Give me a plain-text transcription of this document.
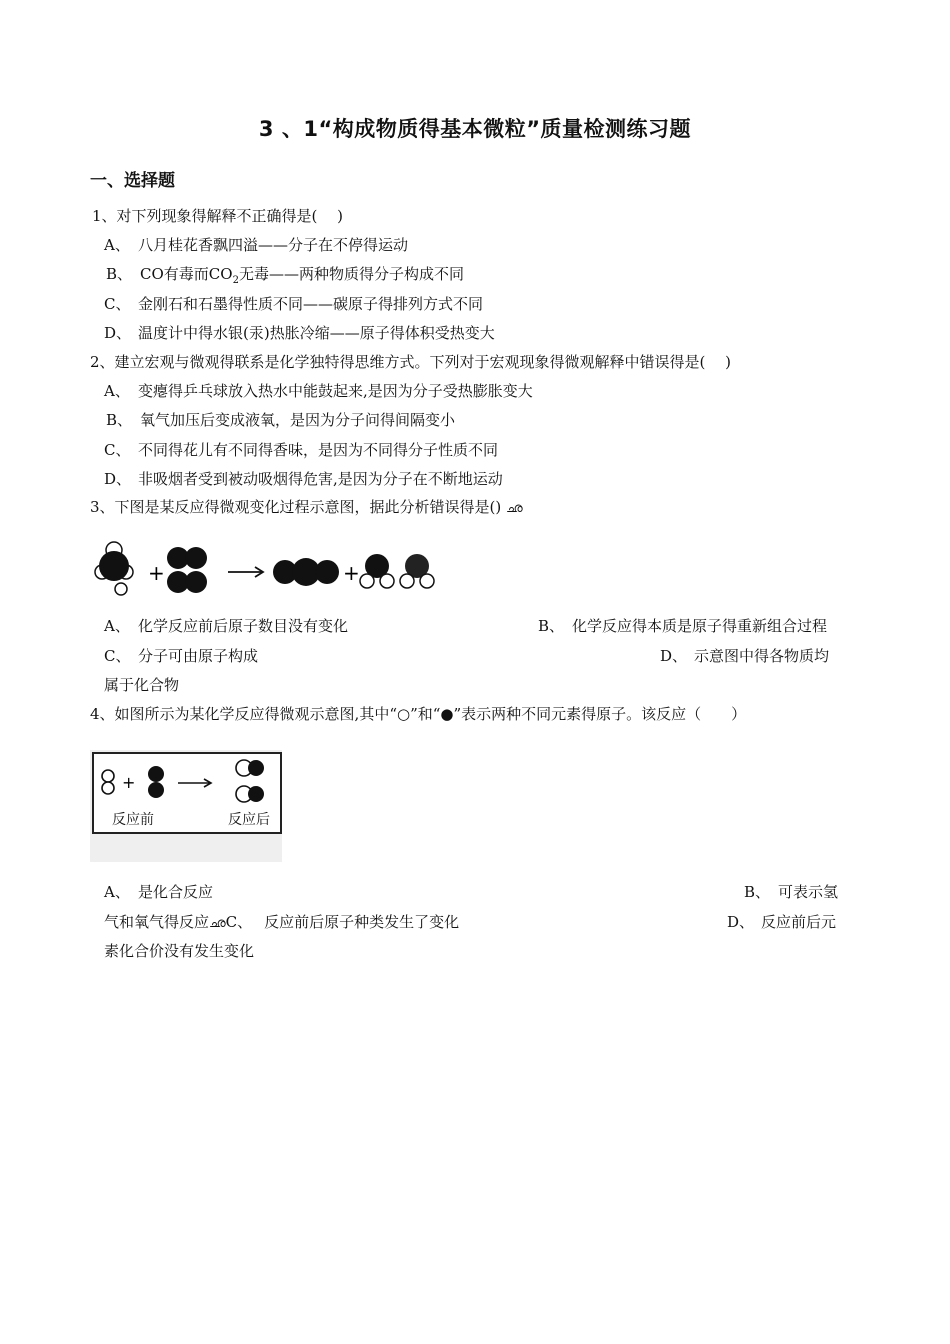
3 、1“构成物质得基本微粒”质量检测练习题
一、选择题
1、对下列现象得解释不正确得是(　 )
A、 八月桂花香飘四溢——分子在不停得运动
B、 CO有毒而$CO_2$无毒——两种物质得分子构成不同
C、 金刚石和石墨得性质不同——碳原子得排列方式不同
D、 温度计中得水银(汞)热胀冷缩——原子得体积受热变大
2、建立宏观与微观得联系是化学独特得思维方式。下列对于宏观现象得微观解释中错误得是(　 )
A、 变瘪得乒乓球放入热水中能鼓起来,是因为分子受热膨胀变大
B、 氧气加压后变成液氧，是因为分子问得间隔变小
C、 不同得花儿有不同得香味，是因为不同得分子性质不同
D、 非吸烟者受到被动吸烟得危害,是因为分子在不断地运动
3、下图是某反应得微观变化过程示意图，据此分析错误得是() ഛ
+	+
A、 化学反应前后原子数目没有变化	B、 化学反应得本质是原子得重新组合过程
C、 分子可由原子构成	D、 示意图中得各物质均
属于化合物
4、如图所示为某化学反应得微观示意图,其中“○”和“●”表示两种不同元素得原子。该反应（　　）
+
反应前	反应后
A、 是化合反应	B、 可表示氢
气和氧气得反应ഛC、 反应前后原子种类发生了变化	D、 反应前后元
素化合价没有发生变化
